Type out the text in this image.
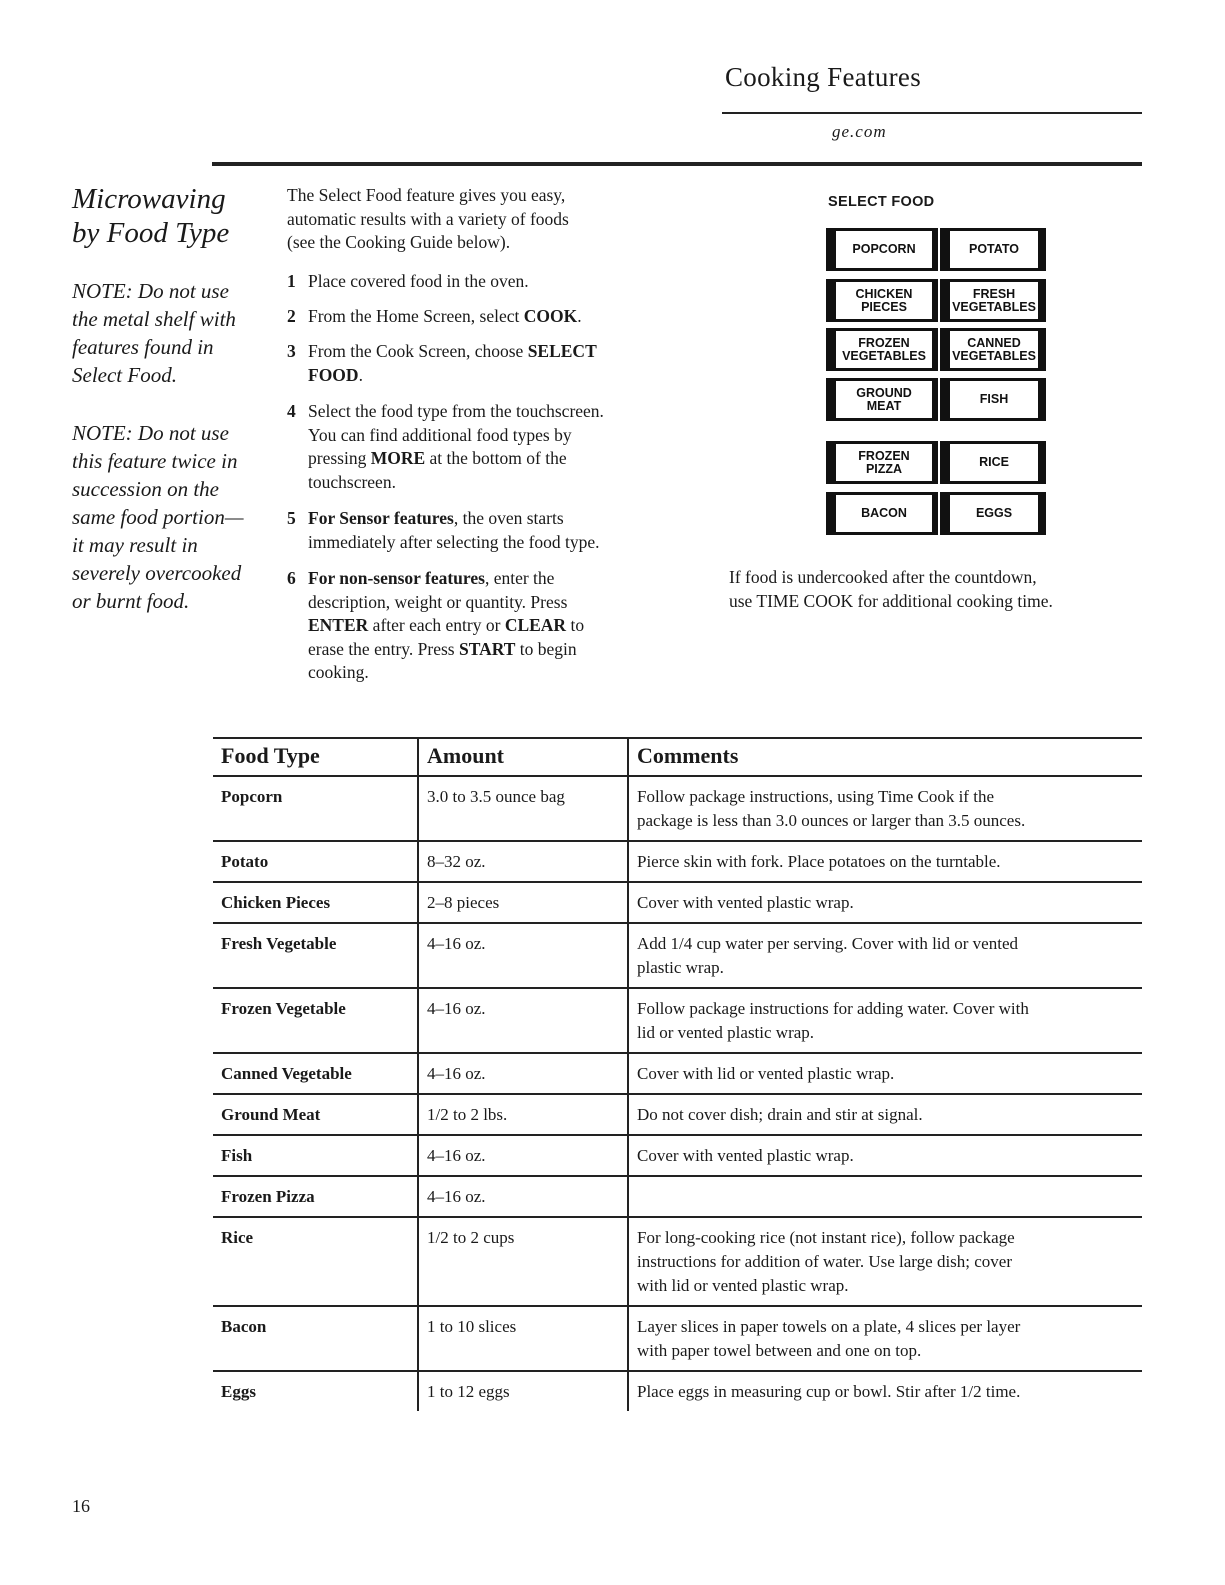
Cooking Features
ge.com
Microwaving
by Food Type
NOTE: Do not use
the metal shelf with
features found in
Select Food.
NOTE: Do not use
this feature twice in
succession on the
same food portion—
it may result in
severely overcooked
or burnt food.
The Select Food feature gives you easy,
automatic results with a variety of foods
(see the Cooking Guide below).
1 Place covered food in the oven.
2 From the Home Screen, select COOK.
3 From the Cook Screen, choose SELECT
FOOD.
4 Select the food type from the touchscreen.
You can find additional food types by
pressing MORE at the bottom of the
touchscreen.
5 For Sensor features, the oven starts
immediately after selecting the food type.
6 For non-sensor features, enter the
description, weight or quantity. Press
ENTER after each entry or CLEAR to
erase the entry. Press START to begin
cooking.
SELECT FOOD
POPCORN	POTATO
CHICKEN
PIECES
FRESH
VEGETABLES
FROZEN
VEGETABLES
CANNED
VEGETABLES
GROUND
MEAT	FISH
FROZEN
PIZZA	RICE
BACON	EGGS
If food is undercooked after the countdown,
use TIME COOK for additional cooking time.
Food Type	Amount	Comments
Popcorn	3.0 to 3.5 ounce bag	Follow package instructions, using Time Cook if the
package is less than 3.0 ounces or larger than 3.5 ounces.

Potato	8–32 oz.	Pierce skin with fork. Place potatoes on the turntable.

Chicken Pieces	2–8 pieces	Cover with vented plastic wrap.

Fresh Vegetable	4–16 oz.	Add 1/4 cup water per serving. Cover with lid or vented
plastic wrap.

Frozen Vegetable	4–16 oz.	Follow package instructions for adding water. Cover with
lid or vented plastic wrap.

Canned Vegetable	4–16 oz.	Cover with lid or vented plastic wrap.

Ground Meat	1/2 to 2 lbs.	Do not cover dish; drain and stir at signal.

Fish	4–16 oz.	Cover with vented plastic wrap.

Frozen Pizza	4–16 oz.	
Rice	1/2 to 2 cups	For long-cooking rice (not instant rice), follow package
instructions for addition of water. Use large dish; cover
with lid or vented plastic wrap.

Bacon	1 to 10 slices	Layer slices in paper towels on a plate, 4 slices per layer
with paper towel between and one on top.

Eggs	1 to 12 eggs	Place eggs in measuring cup or bowl. Stir after 1/2 time.
16
